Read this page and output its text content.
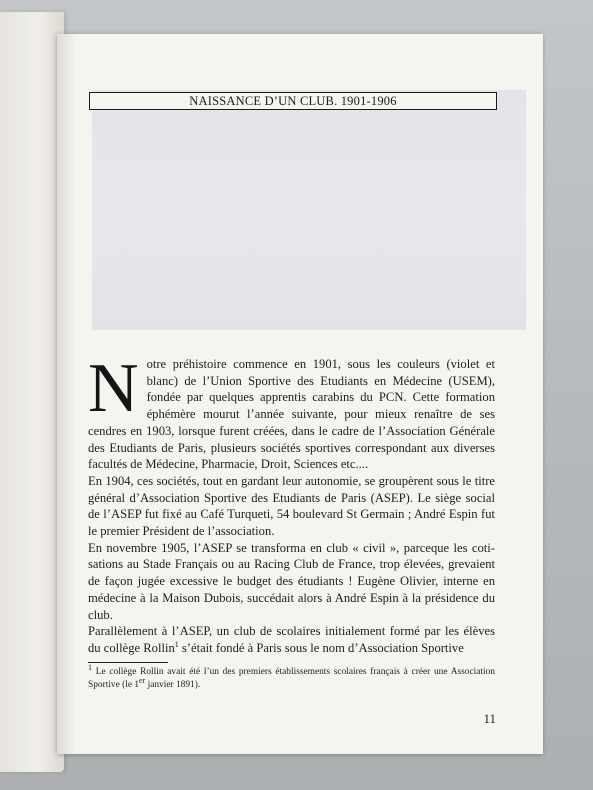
NAISSANCE D’UN CLUB. 1901-1906
N otre préhistoire commence en 1901, sous les couleurs (violet et blanc) de l’Union Sportive des Etudiants en Médecine (USEM), fondée par quelques apprentis carabins du PCN. Cette formation éphémère mourut l’année suivante, pour mieux renaître de ses cendres en 1903, lorsque furent créées, dans le cadre de l’Association Générale des Etudiants de Paris, plusieurs sociétés sportives correspondant aux diverses facultés de Médecine, Pharmacie, Droit, Sciences etc....

En 1904, ces sociétés, tout en gardant leur autonomie, se groupèrent sous le titre général d’Association Sportive des Etudiants de Paris (ASEP). Le siège social de l’ASEP fut fixé au Café Turqueti, 54 boulevard St Germain ; André Espin fut le premier Président de l’association.

En novembre 1905, l’ASEP se transforma en club « civil », parceque les coti-sations au Stade Français ou au Racing Club de France, trop élevées, grevaient de façon jugée excessive le budget des étudiants ! Eugène Olivier, interne en médecine à la Maison Dubois, succédait alors à André Espin à la présidence du club.

Parallèlement à l’ASEP, un club de scolaires initialement formé par les élèves du collège Rollin$^1$ s’était fondé à Paris sous le nom d’Association Sportive

$^1$ Le collège Rollin avait été l’un des premiers établissements scolaires français à créer une Association Sportive (le 1er janvier 1891).
11
